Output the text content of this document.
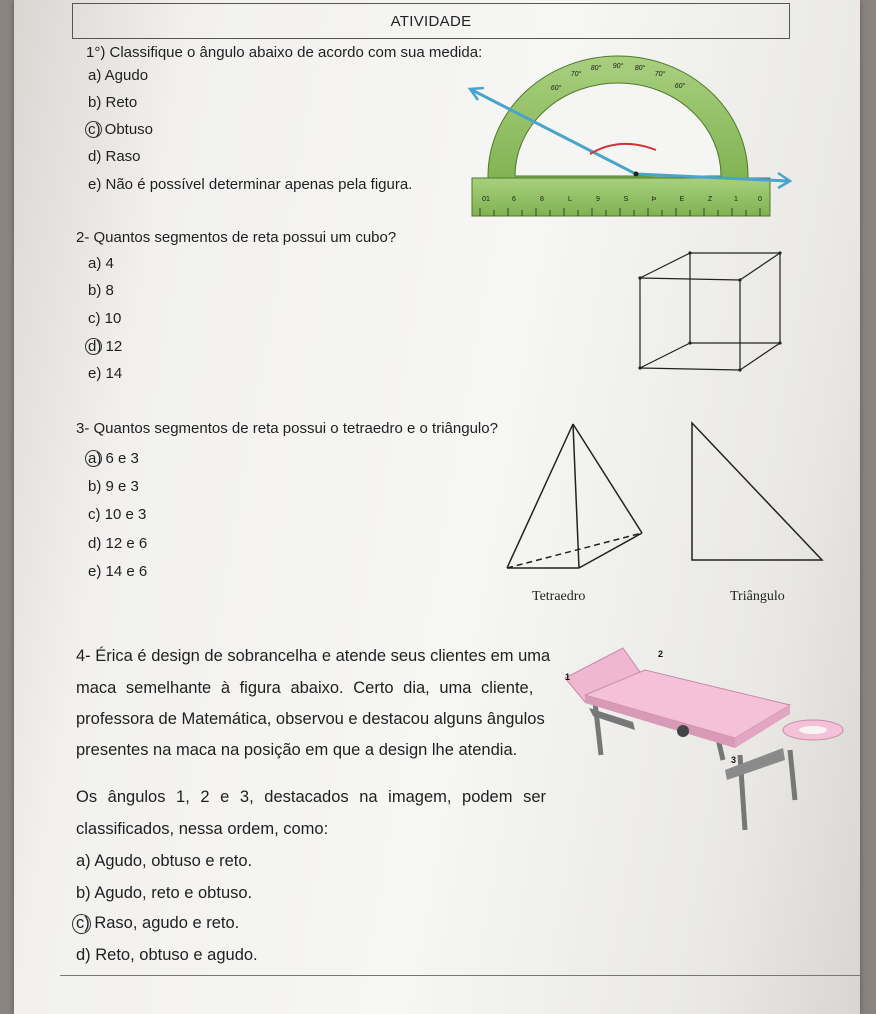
ATIVIDADE
1°) Classifique o ângulo abaixo de acordo com sua medida:
a) Agudo
b) Reto
c) Obtuso
d) Raso
e) Não é possível determinar apenas pela figura.
01	6	8	L	9	S	Þ	E	Z	1	0
60°
70°
80° 90° 80°
70°
60°
2- Quantos segmentos de reta possui um cubo?
a) 4
b) 8
c) 10
d) 12
e) 14
3- Quantos segmentos de reta possui o tetraedro e o triângulo?
a) 6 e 3
b) 9 e 3
c) 10 e 3
d) 12 e 6
e) 14 e 6
Tetraedro	Triângulo
4- Érica é design de sobrancelha e atende seus clientes em uma
maca semelhante à figura abaixo. Certo dia, uma cliente,
professora de Matemática, observou e destacou alguns ângulos
presentes na maca na posição em que a design lhe atendia.
Os ângulos 1, 2 e 3, destacados na imagem, podem ser
classificados, nessa ordem, como:
a) Agudo, obtuso e reto.
b) Agudo, reto e obtuso.
c) Raso, agudo e reto.
d) Reto, obtuso e agudo.
1
2
3
